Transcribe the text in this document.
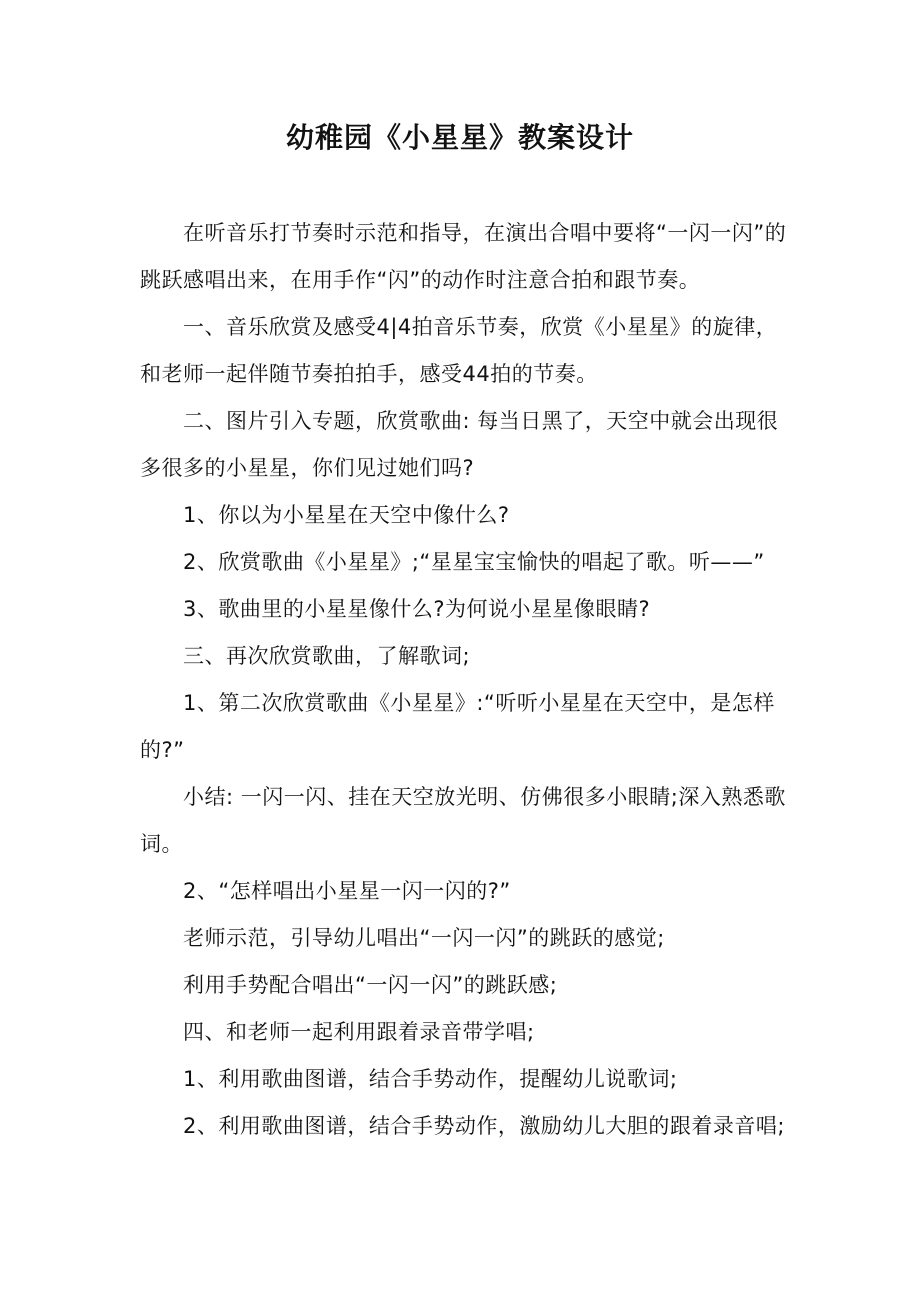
幼稚园《小星星》教案设计

在听音乐打节奏时示范和指导，在演出合唱中要将“一闪一闪”的跳跃感唱出来，在用手作“闪”的动作时注意合拍和跟节奏。

一、音乐欣赏及感受4|4拍音乐节奏，欣赏《小星星》的旋律，和老师一起伴随节奏拍拍手，感受44拍的节奏。

二、图片引入专题，欣赏歌曲: 每当日黑了，天空中就会出现很多很多的小星星，你们见过她们吗?

1、你以为小星星在天空中像什么?

2、欣赏歌曲《小星星》;“星星宝宝愉快的唱起了歌。听——”

3、歌曲里的小星星像什么?为何说小星星像眼睛?

三、再次欣赏歌曲，了解歌词;

1、第二次欣赏歌曲《小星星》:“听听小星星在天空中，是怎样的?”

小结: 一闪一闪、挂在天空放光明、仿佛很多小眼睛;深入熟悉歌词。

2、“怎样唱出小星星一闪一闪的?”

老师示范，引导幼儿唱出“一闪一闪”的跳跃的感觉;

利用手势配合唱出“一闪一闪”的跳跃感;

四、和老师一起利用跟着录音带学唱;

1、利用歌曲图谱，结合手势动作，提醒幼儿说歌词;

2、利用歌曲图谱，结合手势动作，激励幼儿大胆的跟着录音唱;
